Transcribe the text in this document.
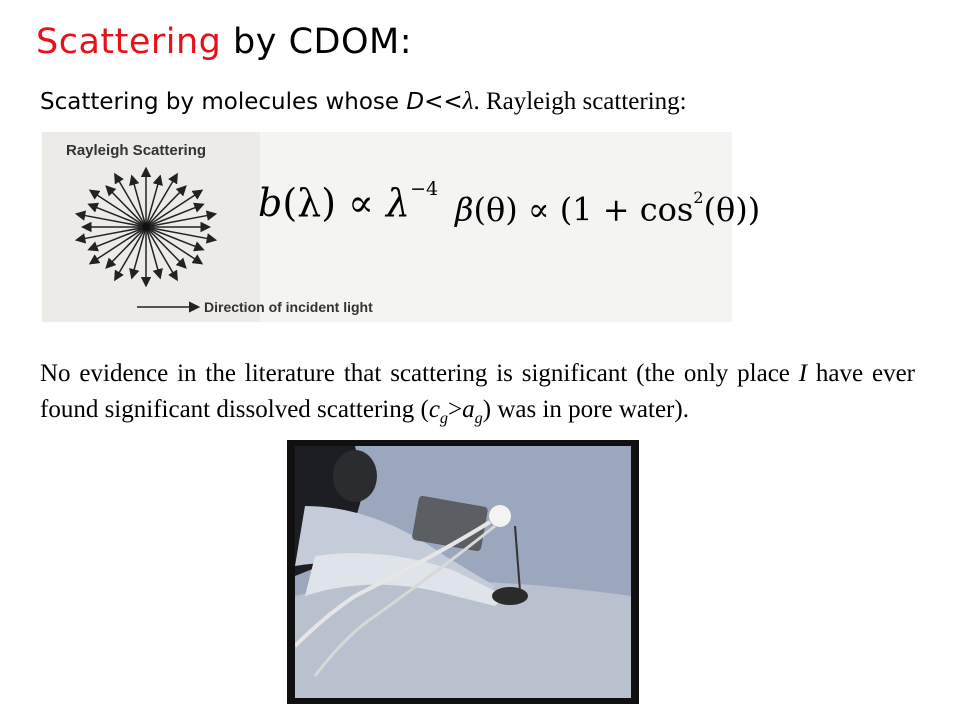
Scattering by CDOM:
Scattering by molecules whose D<<λ. Rayleigh scattering:
Rayleigh Scattering
Direction of incident light
$b(\lambda) \propto \lambda^{-4}$
$\beta(\theta) \propto (1 + \cos^2(\theta))$
No evidence in the literature that scattering is significant (the only place I have ever found significant dissolved scattering $(c_g>a_g)$ was in pore water).
